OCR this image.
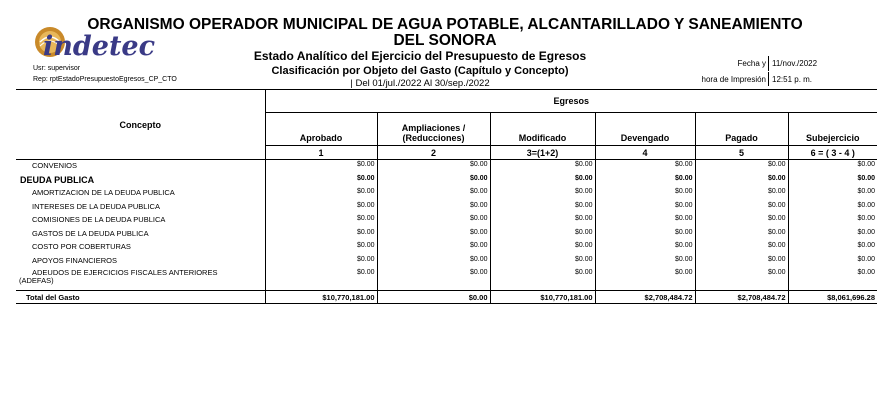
indetec
ORGANISMO OPERADOR MUNICIPAL DE AGUA POTABLE, ALCANTARILLADO Y SANEAMIENTO DEL SONORA
Estado Analítico del Ejercicio del Presupuesto de Egresos
Clasificación por Objeto del Gasto (Capítulo y Concepto)
| Del 01/jul./2022 Al 30/sep./2022
Usr: supervisor
Rep: rptEstadoPresupuestoEgresos_CP_CTO
Fecha y 11/nov./2022
hora de Impresión 12:51 p. m.
Concepto	Egresos					
	Aprobado	Ampliaciones / (Reducciones)	Modificado	Devengado	Pagado	Subejercicio
	1	2	3=(1+2)	4	5	6 = ( 3 - 4 )
CONVENIOS	$0.00	$0.00	$0.00	$0.00	$0.00	$0.00
DEUDA PUBLICA	$0.00	$0.00	$0.00	$0.00	$0.00	$0.00
AMORTIZACION DE LA DEUDA PUBLICA	$0.00	$0.00	$0.00	$0.00	$0.00	$0.00
INTERESES DE LA DEUDA PUBLICA	$0.00	$0.00	$0.00	$0.00	$0.00	$0.00
COMISIONES DE LA DEUDA PUBLICA	$0.00	$0.00	$0.00	$0.00	$0.00	$0.00
GASTOS DE LA DEUDA PUBLICA	$0.00	$0.00	$0.00	$0.00	$0.00	$0.00
COSTO POR COBERTURAS	$0.00	$0.00	$0.00	$0.00	$0.00	$0.00
APOYOS FINANCIEROS	$0.00	$0.00	$0.00	$0.00	$0.00	$0.00

ADEUDOS DE EJERCICIOS FISCALES ANTERIORES
(ADEFAS)	$0.00	$0.00	$0.00	$0.00	$0.00	$0.00

Total del Gasto	$10,770,181.00	$0.00	$10,770,181.00	$2,708,484.72	$2,708,484.72	$8,061,696.28
